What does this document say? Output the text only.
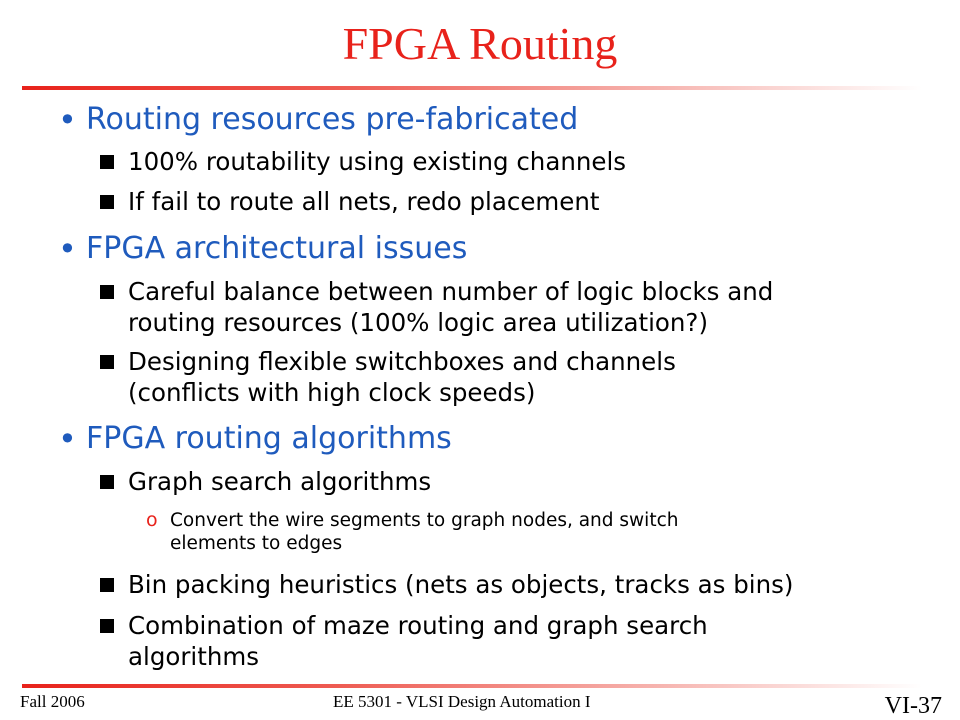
FPGA Routing
• Routing resources pre-fabricated
100% routability using existing channels
If fail to route all nets, redo placement
• FPGA architectural issues
Careful balance between number of logic blocks and
routing resources (100% logic area utilization?)
Designing flexible switchboxes and channels
(conflicts with high clock speeds)
• FPGA routing algorithms
Graph search algorithms
o Convert the wire segments to graph nodes, and switch
elements to edges
Bin packing heuristics (nets as objects, tracks as bins)
Combination of maze routing and graph search
algorithms
Fall 2006	EE 5301 - VLSI Design Automation I	VI-37
